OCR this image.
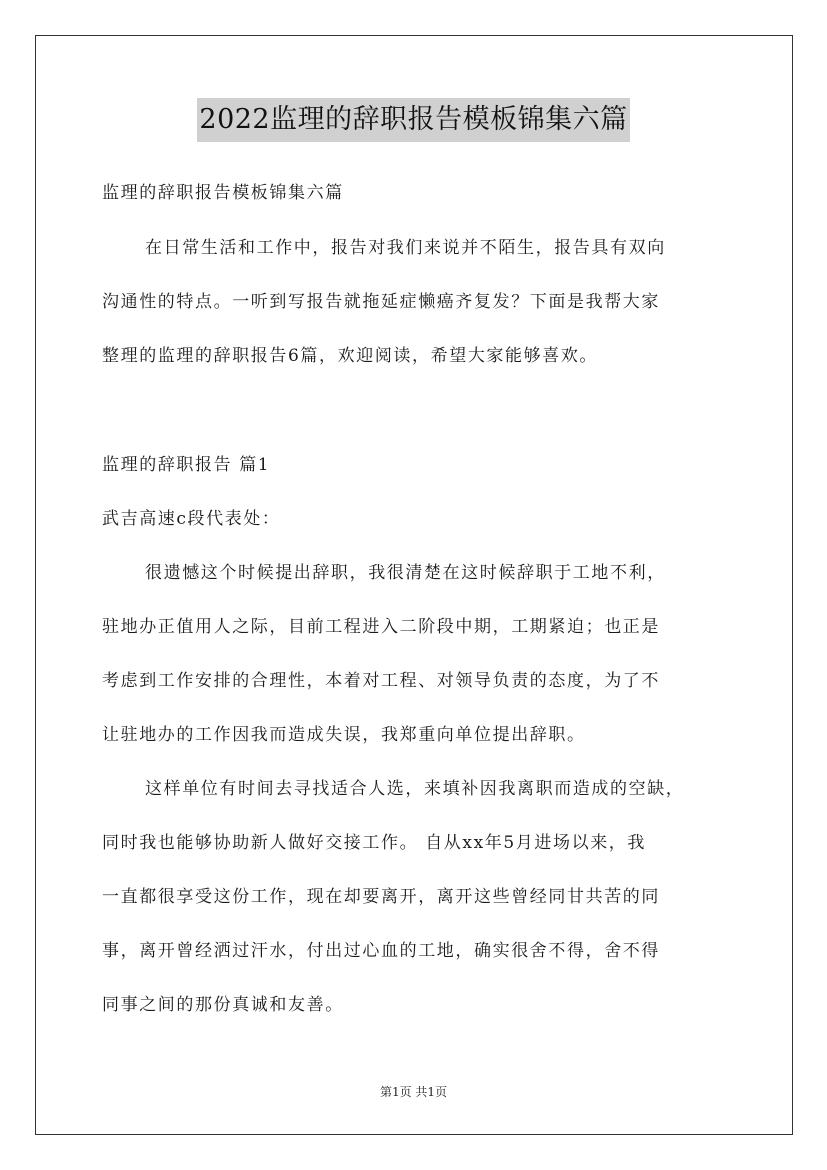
2022监理的辞职报告模板锦集六篇
监理的辞职报告模板锦集六篇
在日常生活和工作中，报告对我们来说并不陌生，报告具有双向
沟通性的特点。一听到写报告就拖延症懒癌齐复发？下面是我帮大家
整理的监理的辞职报告6篇，欢迎阅读，希望大家能够喜欢。
监理的辞职报告 篇1
武吉高速c段代表处：
很遗憾这个时候提出辞职，我很清楚在这时候辞职于工地不利，
驻地办正值用人之际，目前工程进入二阶段中期，工期紧迫；也正是
考虑到工作安排的合理性，本着对工程、对领导负责的态度，为了不
让驻地办的工作因我而造成失误，我郑重向单位提出辞职。
这样单位有时间去寻找适合人选，来填补因我离职而造成的空缺，
同时我也能够协助新人做好交接工作。 自从xx年5月进场以来，我
一直都很享受这份工作，现在却要离开，离开这些曾经同甘共苦的同
事，离开曾经洒过汗水，付出过心血的工地，确实很舍不得，舍不得
同事之间的那份真诚和友善。
第1页 共1页
